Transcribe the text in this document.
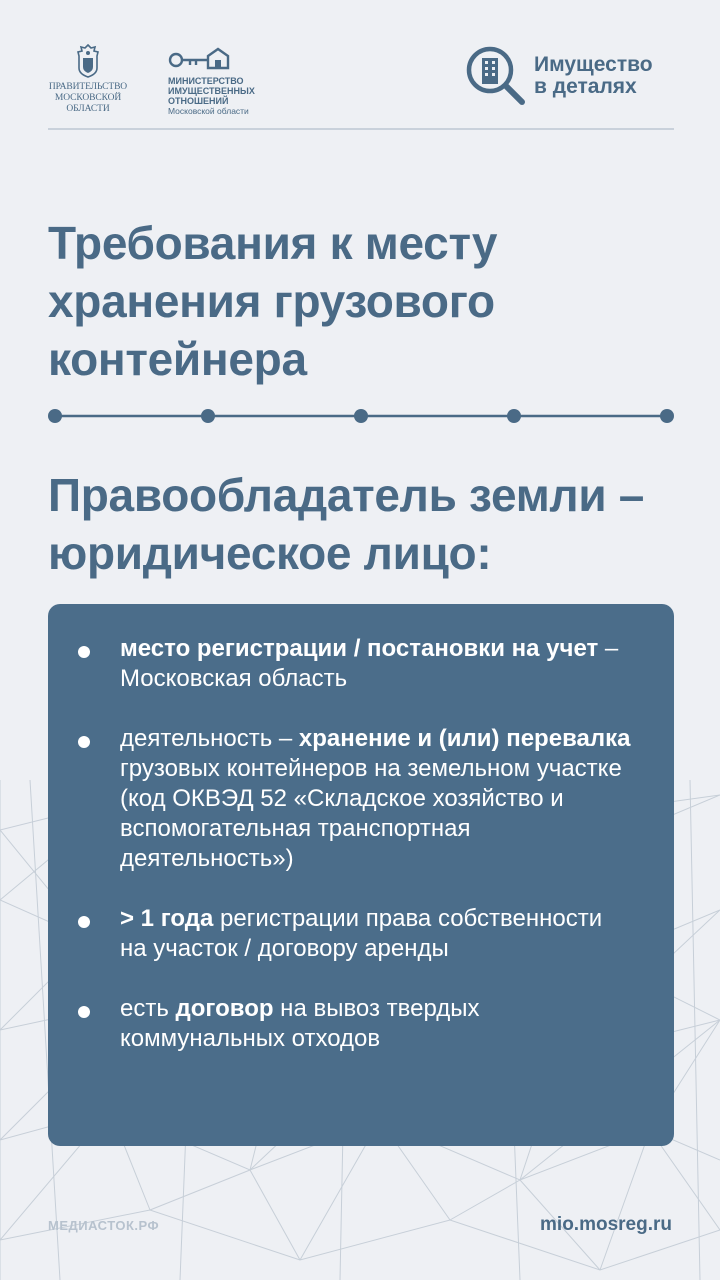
ПРАВИТЕЛЬСТВО
МОСКОВСКОЙ
ОБЛАСТИ
МИНИСТЕРСТВО
ИМУЩЕСТВЕННЫХ
ОТНОШЕНИЙ
Московской области
Имущество
в деталях
Требования к месту
хранения грузового
контейнера
Правообладатель земли –
юридическое лицо:
место регистрации / постановки на учет – Московская область
деятельность – хранение и (или) перевалка грузовых контейнеров на земельном участке (код ОКВЭД 52 «Складское хозяйство и вспомогательная транспортная деятельность»)
> 1 года регистрации права собственности на участок / договору аренды
есть договор на вывоз твердых коммунальных отходов
МЕДИАСТОК.РФ	mio.mosreg.ru
